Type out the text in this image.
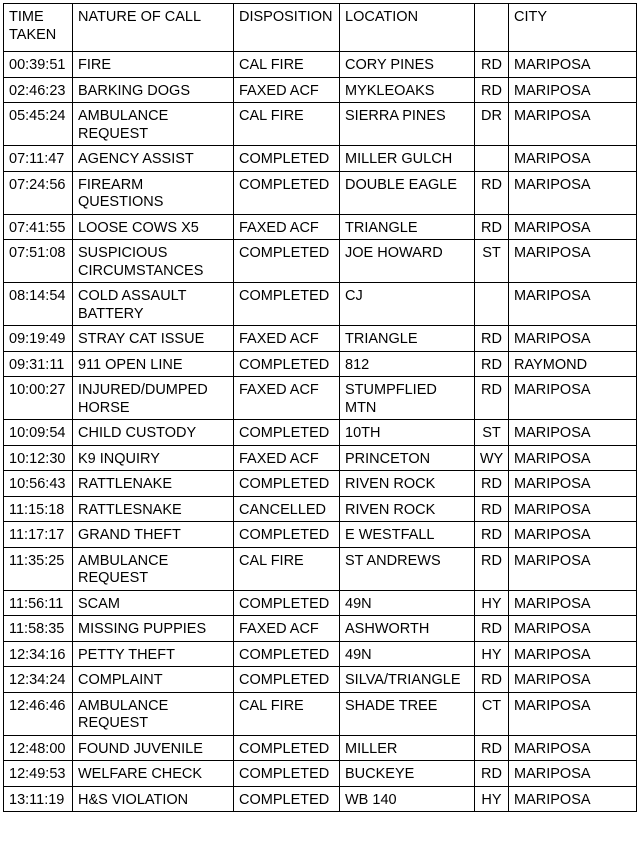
TIME TAKEN	NATURE OF CALL	DISPOSITION	LOCATION		CITY
00:39:51	FIRE	CAL FIRE	CORY PINES	RD	MARIPOSA
02:46:23	BARKING DOGS	FAXED ACF	MYKLEOAKS	RD	MARIPOSA
05:45:24	AMBULANCE REQUEST	CAL FIRE	SIERRA PINES	DR	MARIPOSA
07:11:47	AGENCY ASSIST	COMPLETED	MILLER GULCH		MARIPOSA
07:24:56	FIREARM QUESTIONS	COMPLETED	DOUBLE EAGLE	RD	MARIPOSA
07:41:55	LOOSE COWS X5	FAXED ACF	TRIANGLE	RD	MARIPOSA
07:51:08	SUSPICIOUS CIRCUMSTANCES	COMPLETED	JOE HOWARD	ST	MARIPOSA
08:14:54	COLD ASSAULT BATTERY	COMPLETED	CJ		MARIPOSA
09:19:49	STRAY CAT ISSUE	FAXED ACF	TRIANGLE	RD	MARIPOSA
09:31:11	911 OPEN LINE	COMPLETED	812	RD	RAYMOND
10:00:27	INJURED/DUMPED HORSE	FAXED ACF	STUMPFLIED MTN	RD	MARIPOSA
10:09:54	CHILD CUSTODY	COMPLETED	10TH	ST	MARIPOSA
10:12:30	K9 INQUIRY	FAXED ACF	PRINCETON	WY	MARIPOSA
10:56:43	RATTLENAKE	COMPLETED	RIVEN ROCK	RD	MARIPOSA
11:15:18	RATTLESNAKE	CANCELLED	RIVEN ROCK	RD	MARIPOSA
11:17:17	GRAND THEFT	COMPLETED	E WESTFALL	RD	MARIPOSA
11:35:25	AMBULANCE REQUEST	CAL FIRE	ST ANDREWS	RD	MARIPOSA
11:56:11	SCAM	COMPLETED	49N	HY	MARIPOSA
11:58:35	MISSING PUPPIES	FAXED ACF	ASHWORTH	RD	MARIPOSA
12:34:16	PETTY THEFT	COMPLETED	49N	HY	MARIPOSA
12:34:24	COMPLAINT	COMPLETED	SILVA/TRIANGLE	RD	MARIPOSA
12:46:46	AMBULANCE REQUEST	CAL FIRE	SHADE TREE	CT	MARIPOSA
12:48:00	FOUND JUVENILE	COMPLETED	MILLER	RD	MARIPOSA
12:49:53	WELFARE CHECK	COMPLETED	BUCKEYE	RD	MARIPOSA
13:11:19	H&S VIOLATION	COMPLETED	WB 140	HY	MARIPOSA
